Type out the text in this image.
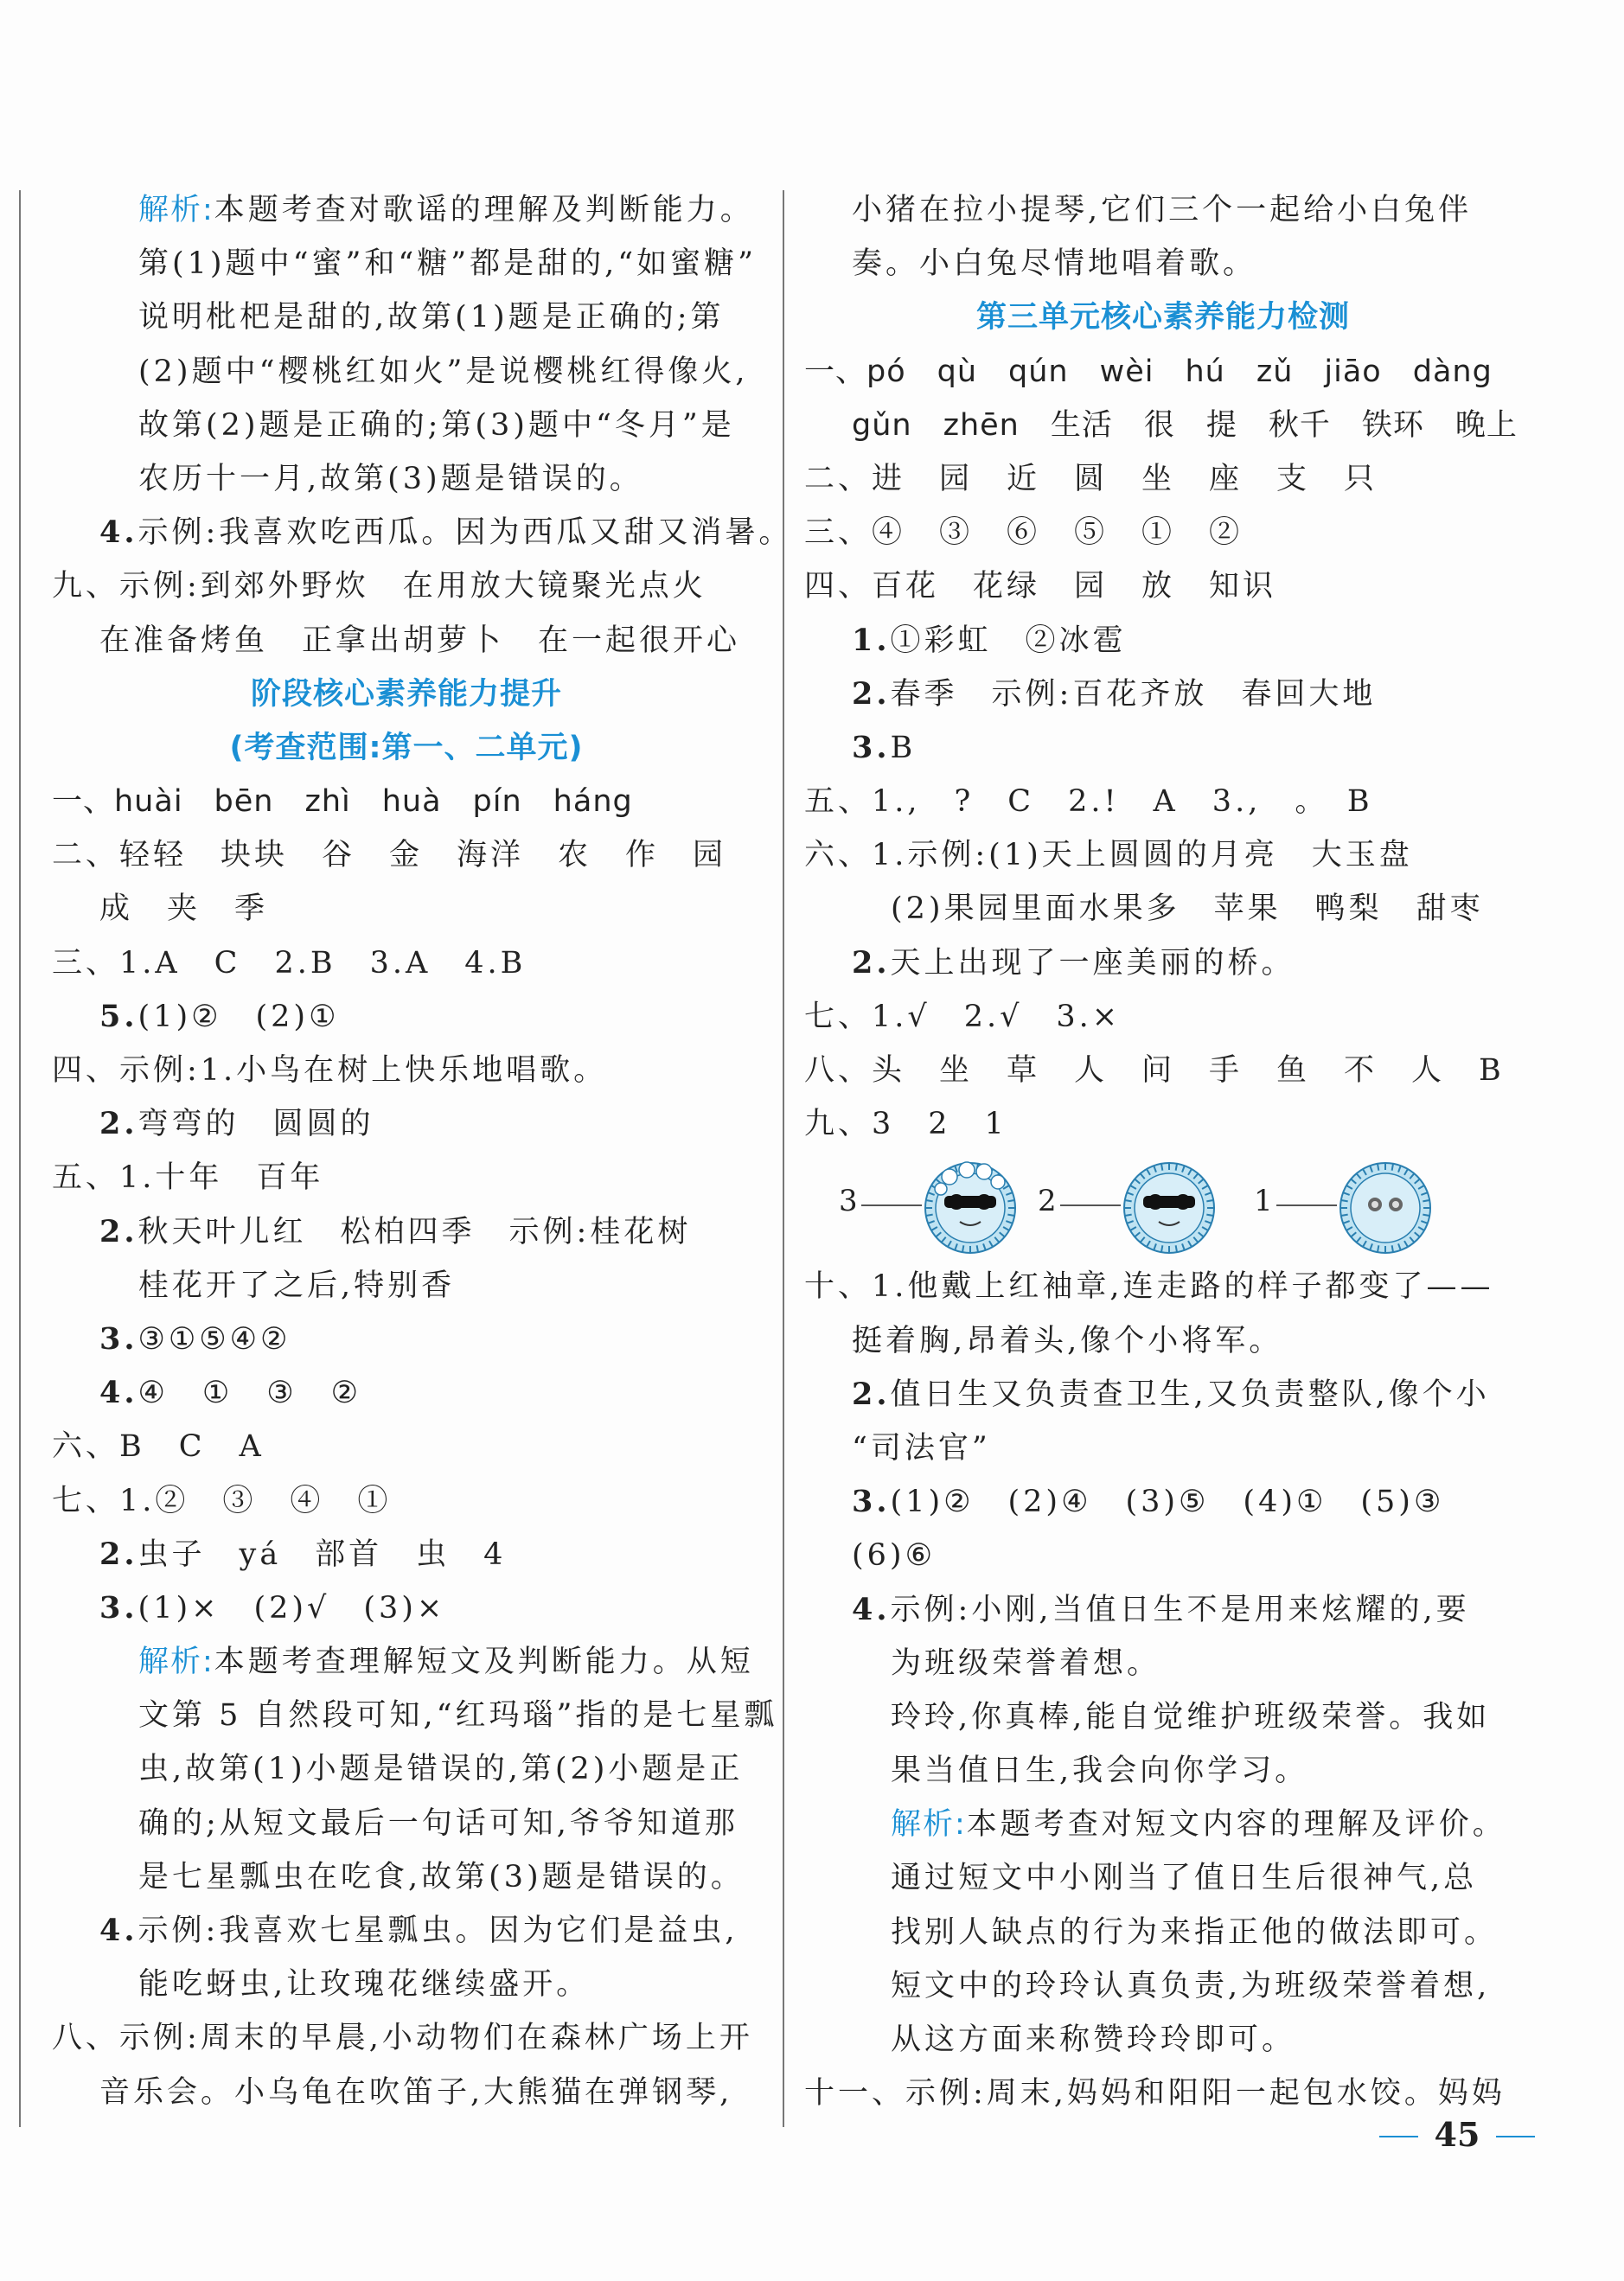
解析:本题考查对歌谣的理解及判断能力。
第(1)题中“蜜”和“糖”都是甜的,“如蜜糖”
说明枇杷是甜的,故第(1)题是正确的;第
(2)题中“樱桃红如火”是说樱桃红得像火,
故第(2)题是正确的;第(3)题中“冬月”是
农历十一月,故第(3)题是错误的。
4.示例:我喜欢吃西瓜。因为西瓜又甜又消暑。
九、示例:到郊外野炊　在用放大镜聚光点火
在准备烤鱼　正拿出胡萝卜　在一起很开心
阶段核心素养能力提升
(考查范围:第一、二单元)
一、huài　bēn　zhì　huà　pín　háng
二、轻轻　块块　谷　金　海洋　农　作　园
成　夹　季
三、1.A　C　2.B　3.A　4.B
5.(1)②　(2)①
四、示例:1.小鸟在树上快乐地唱歌。
2.弯弯的　圆圆的
五、1.十年　百年
2.秋天叶儿红　松柏四季　示例:桂花树
桂花开了之后,特别香
3.③①⑤④②
4.④　①　③　②
六、B　C　A
七、1.②　③　④　①
2.虫子　yá　部首　虫　4
3.(1)×　(2)√　(3)×
解析:本题考查理解短文及判断能力。从短
文第 5 自然段可知,“红玛瑙”指的是七星瓢
虫,故第(1)小题是错误的,第(2)小题是正
确的;从短文最后一句话可知,爷爷知道那
是七星瓢虫在吃食,故第(3)题是错误的。
4.示例:我喜欢七星瓢虫。因为它们是益虫,
能吃蚜虫,让玫瑰花继续盛开。
八、示例:周末的早晨,小动物们在森林广场上开
音乐会。小乌龟在吹笛子,大熊猫在弹钢琴,
小猪在拉小提琴,它们三个一起给小白兔伴
奏。小白兔尽情地唱着歌。
第三单元核心素养能力检测
一、pó　qù　qún　wèi　hú　zǔ　jiāo　dàng
gǔn　zhēn　生活　很　提　秋千　铁环　晚上
二、进　园　近　圆　坐　座　支　只
三、④　③　⑥　⑤　①　②
四、百花　花绿　园　放　知识
1.①彩虹　②冰雹
2.春季　示例:百花齐放　春回大地
3.B
五、1.,　?　C　2.!　A　3.,　。　B
六、1.示例:(1)天上圆圆的月亮　大玉盘
(2)果园里面水果多　苹果　鸭梨　甜枣
2.天上出现了一座美丽的桥。
七、1.√　2.√　3.×
八、头　坐　草　人　问　手　鱼　不　人　B
九、3　2　1
3	2	1
十、1.他戴上红袖章,连走路的样子都变了——
挺着胸,昂着头,像个小将军。
2.值日生又负责查卫生,又负责整队,像个小
“司法官”
3.(1)②　(2)④　(3)⑤　(4)①　(5)③
(6)⑥
4.示例:小刚,当值日生不是用来炫耀的,要
为班级荣誉着想。
玲玲,你真棒,能自觉维护班级荣誉。我如
果当值日生,我会向你学习。
解析:本题考查对短文内容的理解及评价。
通过短文中小刚当了值日生后很神气,总
找别人缺点的行为来指正他的做法即可。
短文中的玲玲认真负责,为班级荣誉着想,
从这方面来称赞玲玲即可。
十一、示例:周末,妈妈和阳阳一起包水饺。妈妈
45
